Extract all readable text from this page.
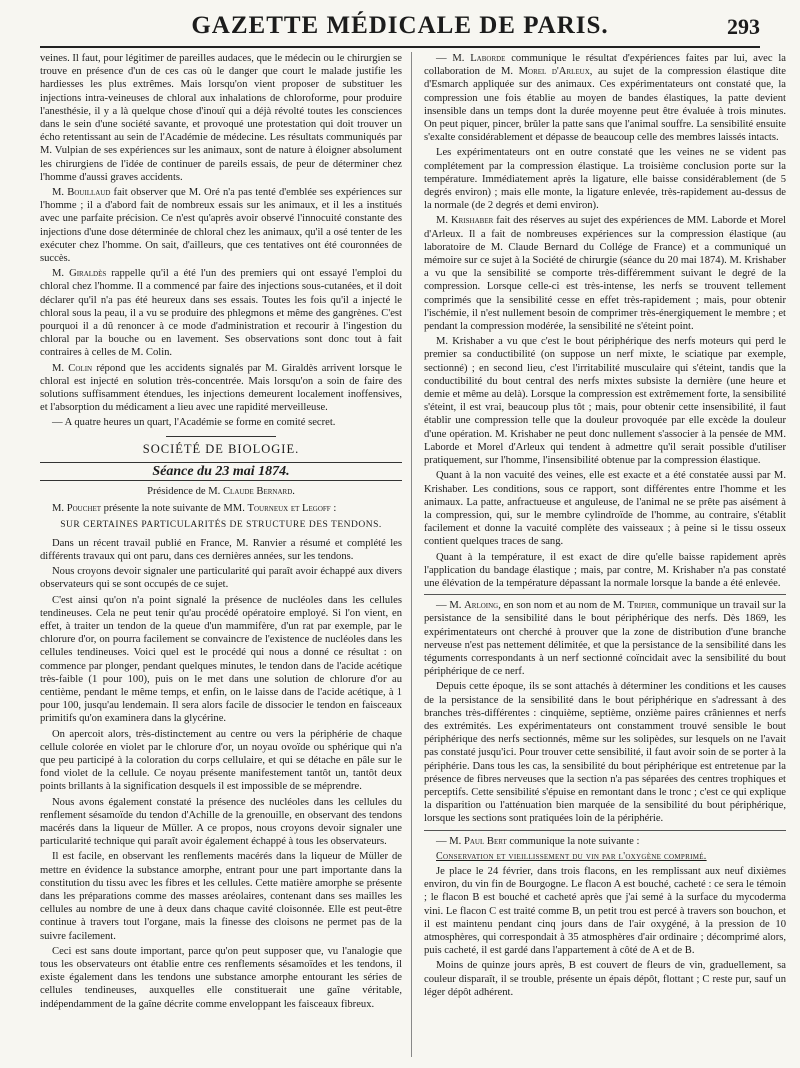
GAZETTE MÉDICALE DE PARIS.	293

veines. Il faut, pour légitimer de pareilles audaces, que le médecin ou le chirurgien se trouve en présence d'un de ces cas où le danger que court le malade justifie les hardiesses les plus extrêmes. Mais lorsqu'on vient proposer de substituer les injections intra-veineuses de chloral aux inhalations de chloroforme, pour produire l'anesthésie, il y a là quelque chose d'inouï qui a déjà révolté toutes les consciences dans le sein d'une société savante, et provoqué une protestation qui doit trouver un écho retentissant au sein de l'Académie de médecine. Les résultats communiqués par M. Vulpian de ses expériences sur les animaux, sont de nature à éloigner absolument les chirurgiens de l'idée de continuer de pareils essais, de peur de déterminer chez l'homme d'aussi graves accidents.

M. Bouillaud fait observer que M. Oré n'a pas tenté d'emblée ses expériences sur l'homme ; il a d'abord fait de nombreux essais sur les animaux, et il les a institués avec une parfaite précision. Ce n'est qu'après avoir observé l'innocuité constante des injections d'une dose déterminée de chloral chez les animaux, qu'il a osé tenter de les exécuter chez l'homme. On sait, d'ailleurs, que ces tentatives ont été couronnées de succès.

M. Giraldès rappelle qu'il a été l'un des premiers qui ont essayé l'emploi du chloral chez l'homme. Il a commencé par faire des injections sous-cutanées, et il doit déclarer qu'il n'a pas été heureux dans ses essais. Toutes les fois qu'il a injecté le chloral sous la peau, il a vu se produire des phlegmons et même des gangrènes. C'est pourquoi il a dû renoncer à ce mode d'administration et recourir à l'ingestion du chloral par la bouche ou en lavement. Ses observations sont donc tout à fait contraires à celles de M. Colin.

M. Colin répond que les accidents signalés par M. Giraldès arrivent lorsque le chloral est injecté en solution très-concentrée. Mais lorsqu'on a soin de faire des solutions suffisamment étendues, les injections demeurent localement inoffensives, et l'absorption du médicament a lieu avec une rapidité merveilleuse.

— A quatre heures un quart, l'Académie se forme en comité secret.

SOCIÉTÉ DE BIOLOGIE.
Séance du 23 mai 1874.
Présidence de M. Claude Bernard.

M. Pouchet présente la note suivante de MM. Tourneux et Legoff :

SUR CERTAINES PARTICULARITÉS DE STRUCTURE DES TENDONS.

Dans un récent travail publié en France, M. Ranvier a résumé et complété les différents travaux qui ont paru, dans ces dernières années, sur les tendons.

Nous croyons devoir signaler une particularité qui paraît avoir échappé aux divers observateurs qui se sont occupés de ce sujet.

C'est ainsi qu'on n'a point signalé la présence de nucléoles dans les cellules tendineuses. Cela ne peut tenir qu'au procédé opératoire employé. Si l'on vient, en effet, à traiter un tendon de la queue d'un mammifère, d'un rat par exemple, par le chlorure d'or, on pourra facilement se convaincre de l'existence de nucléoles dans les cellules tendineuses. Voici quel est le procédé qui nous a donné ce résultat : on commence par plonger, pendant quelques minutes, le tendon dans de l'acide acétique très-faible (1 pour 100), puis on le met dans une solution de chlorure d'or au centième, pendant le même temps, et enfin, on le laisse dans de l'acide acétique, à 1 pour 100, jusqu'au lendemain. Il sera alors facile de dissocier le tendon en faisceaux primitifs qu'on examinera dans la glycérine.

On apercoit alors, très-distinctement au centre ou vers la périphérie de chaque cellule colorée en violet par le chlorure d'or, un noyau ovoïde ou sphérique qui n'a que peu participé à la coloration du corps cellulaire, et qui se détache en pâle sur le fond violet de la cellule. Ce noyau présente manifestement tantôt un, tantôt deux points brillants à la signification desquels il est impossible de se méprendre.

Nous avons également constaté la présence des nucléoles dans les cellules du renflement sésamoïde du tendon d'Achille de la grenouille, en observant des tendons macérés dans la liqueur de Müller. A ce propos, nous croyons devoir signaler une particularité technique qui paraît avoir également échappé à tous les observateurs.

Il est facile, en observant les renflements macérés dans la liqueur de Müller de mettre en évidence la substance amorphe, entrant pour une part importante dans la constitution du tissu avec les fibres et les cellules. Cette matière amorphe se présente dans les préparations comme des masses aréolaires, contenant dans ses mailles les cellules au nombre de une à deux dans chaque cavité cloisonnée. Elle est peut-être continue à travers tout l'organe, mais la finesse des cloisons ne permet pas de la suivre facilement.

Ceci est sans doute important, parce qu'on peut supposer que, vu l'analogie que tous les observateurs ont établie entre ces renflements sésamoïdes et les tendons, il existe également dans les tendons une substance amorphe entourant les séries de cellules tendineuses, auxquelles elle constituerait une gaîne véritable, indépendamment de la gaîne décrite comme enveloppant les faisceaux fibreux.

— M. Laborde communique le résultat d'expériences faites par lui, avec la collaboration de M. Morel d'Arleux, au sujet de la compression élastique dite d'Esmarch appliquée sur des animaux. Ces expérimentateurs ont constaté que, la compression une fois établie au moyen de bandes élastiques, la patte devient insensible dans un temps dont la durée moyenne peut être évaluée à trois minutes. On peut piquer, pincer, brûler la patte sans que l'animal souffre. La sensibilité ensuite s'exalte considérablement et dépasse de beaucoup celle des membres laissés intacts.

Les expérimentateurs ont en outre constaté que les veines ne se vident pas complétement par la compression élastique. La troisième conclusion porte sur la température. Immédiatement après la ligature, elle baisse considérablement (de 5 degrés environ) ; mais elle monte, la ligature enlevée, très-rapidement au-dessus de la normale (de 2 degrés et demi environ).

M. Krishaber fait des réserves au sujet des expériences de MM. Laborde et Morel d'Arleux. Il a fait de nombreuses expériences sur la compression élastique (au laboratoire de M. Claude Bernard du Collége de France) et a communiqué un mémoire sur ce sujet à la Société de chirurgie (séance du 20 mai 1874). M. Krishaber a vu que la sensibilité se comporte très-différemment suivant le degré de la compression. Lorsque celle-ci est très-intense, les nerfs se trouvent tellement comprimés que la sensibilité cesse en effet très-rapidement ; mais, pour obtenir l'ischémie, il n'est nullement besoin de comprimer très-énergiquement le membre ; et pendant la compression modérée, la sensibilité ne s'éteint point.

M. Krishaber a vu que c'est le bout périphérique des nerfs moteurs qui perd le premier sa conductibilité (on suppose un nerf mixte, le sciatique par exemple, sectionné) ; en second lieu, c'est l'irritabilité musculaire qui s'éteint, tandis que la conductibilité du bout central des nerfs mixtes subsiste la dernière (une heure et demie et même au delà). Lorsque la compression est extrêmement forte, la sensibilité s'éteint, il est vrai, beaucoup plus tôt ; mais, pour obtenir cette insensibilité, il faut établir une compression telle que la douleur provoquée par elle excède la douleur d'une opération. M. Krishaber ne peut donc nullement s'associer à la pensée de MM. Laborde et Morel d'Arleux qui tendent à admettre qu'il serait possible d'utiliser pratiquement, sur l'homme, l'insensibilité obtenue par la compression élastique.

Quant à la non vacuité des veines, elle est exacte et a été constatée aussi par M. Krishaber. Les conditions, sous ce rapport, sont différentes entre l'homme et les animaux. La patte, anfractueuse et anguleuse, de l'animal ne se prête pas aisément à la compression, qui, sur le membre cylindroïde de l'homme, au contraire, s'établit facilement et donne la vacuité complète des vaisseaux ; à peine si le tissu osseux contient quelques traces de sang.

Quant à la température, il est exact de dire qu'elle baisse rapidement après l'application du bandage élastique ; mais, par contre, M. Krishaber n'a pas constaté une élévation de la température dépassant la normale lorsque la bande a été enlevée.

— M. Arloing, en son nom et au nom de M. Tripier, communique un travail sur la persistance de la sensibilité dans le bout périphérique des nerfs. Dès 1869, les expérimentateurs ont cherché à prouver que la zone de distribution d'une branche nerveuse n'est pas nettement délimitée, et que la persistance de la sensibilité dans les téguments correspondants à un nerf sectionné coïncidait avec la sensibilité du bout périphérique de ce nerf.

Depuis cette époque, ils se sont attachés à déterminer les conditions et les causes de la persistance de la sensibilité dans le bout périphérique en s'adressant à des branches très-différentes : cinquième, septième, onzième paires crâniennes et nerfs des extrémités. Les expérimentateurs ont constamment trouvé sensible le bout périphérique des nerfs sectionnés, même sur les solipèdes, sur lesquels on ne l'avait pas constaté jusqu'ici. Pour trouver cette sensibilité, il faut avoir soin de se porter à la périphérie. Dans tous les cas, la sensibilité du bout périphérique est entretenue par la présence de fibres nerveuses que la section n'a pas séparées des centres trophiques et perceptifs. Cette sensibilité s'épuise en remontant dans le tronc ; c'est ce qui explique la disparition ou l'atténuation bien marquée de la sensibilité du bout périphérique, lorsque les sections sont pratiquées loin de la périphérie.

— M. Paul Bert communique la note suivante :

Conservation et vieillissement du vin par l'oxygène comprimé.

Je place le 24 février, dans trois flacons, en les remplissant aux neuf dixièmes environ, du vin fin de Bourgogne. Le flacon A est bouché, cacheté : ce sera le témoin ; le flacon B est bouché et cacheté après que j'ai semé à la surface du mycoderma vini. Le flacon C est traité comme B, un petit trou est percé à travers son bouchon, et il est maintenu pendant cinq jours dans de l'air oxygéné, à la pression de 10 atmosphères, qui correspondait à 35 atmosphères d'air ordinaire ; décomprimé alors, puis cacheté, il est gardé dans l'appartement à côté de A et de B.

Moins de quinze jours après, B est couvert de fleurs de vin, graduellement, sa couleur disparaît, il se trouble, présente un épais dépôt, flottant ; C reste pur, sauf un léger dépôt adhérent.
